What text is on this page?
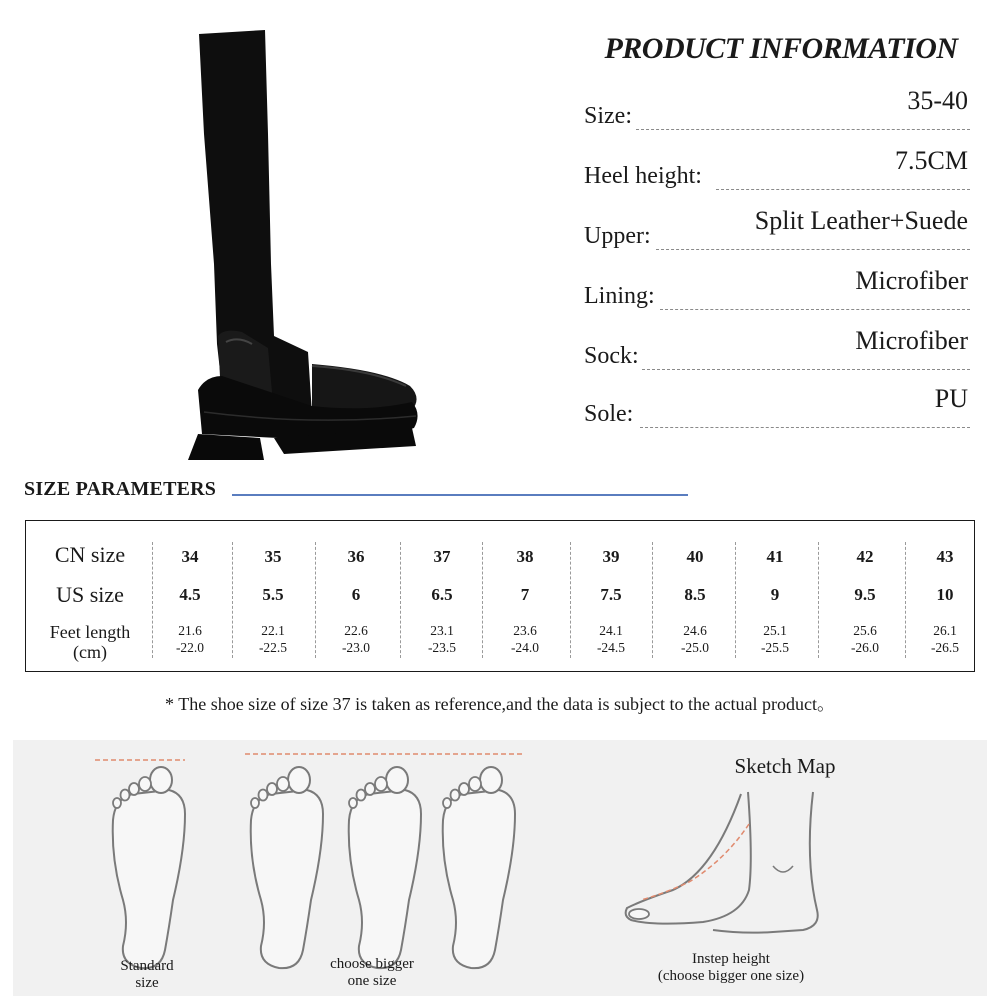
PRODUCT INFORMATION
Size:
35-40
Heel height:
7.5CM
Upper:
Split Leather+Suede
Lining:
Microfiber
Sock:
Microfiber
Sole:
PU
SIZE PARAMETERS
CN size
US size
Feet length
(cm)
34
4.5
21.6
-22.0
35
5.5
22.1
-22.5
36
6
22.6
-23.0
37
6.5
23.1
-23.5
38
7
23.6
-24.0
39
7.5
24.1
-24.5
40
8.5
24.6
-25.0
41
9
25.1
-25.5
42
9.5
25.6
-26.0
43
10
26.1
-26.5
* The shoe size of size 37 is taken as reference,and the data is subject to the actual product。
Sketch Map
Standard
size
choose bigger
one size
Instep height
(choose bigger one size)
